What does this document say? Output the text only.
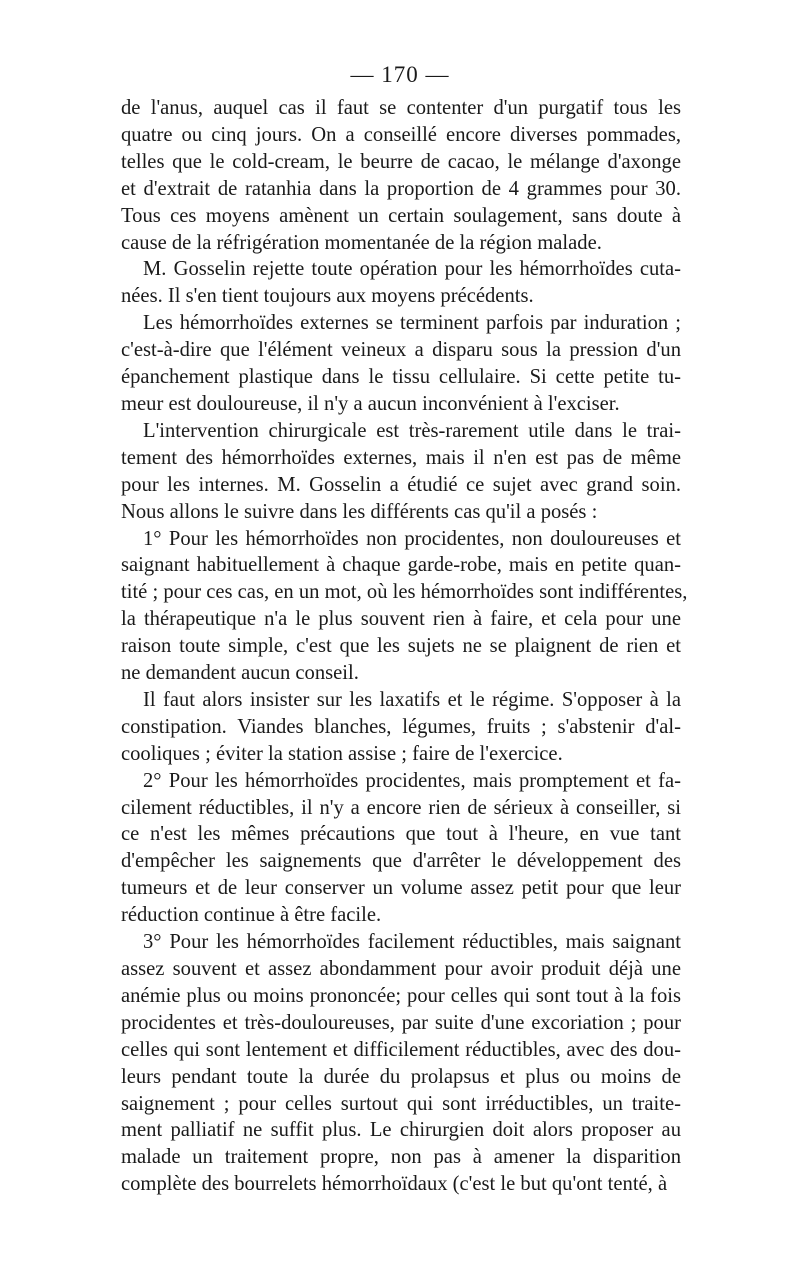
— 170 —

de l'anus, auquel cas il faut se contenter d'un purgatif tous les
quatre ou cinq jours. On a conseillé encore diverses pommades,
telles que le cold-cream, le beurre de cacao, le mélange d'axonge
et d'extrait de ratanhia dans la proportion de 4 grammes pour 30.
Tous ces moyens amènent un certain soulagement, sans doute à
cause de la réfrigération momentanée de la région malade.

M. Gosselin rejette toute opération pour les hémorrhoïdes cuta-
nées. Il s'en tient toujours aux moyens précédents.

Les hémorrhoïdes externes se terminent parfois par induration ;
c'est-à-dire que l'élément veineux a disparu sous la pression d'un
épanchement plastique dans le tissu cellulaire. Si cette petite tu-
meur est douloureuse, il n'y a aucun inconvénient à l'exciser.

L'intervention chirurgicale est très-rarement utile dans le trai-
tement des hémorrhoïdes externes, mais il n'en est pas de même
pour les internes. M. Gosselin a étudié ce sujet avec grand soin.
Nous allons le suivre dans les différents cas qu'il a posés :

1° Pour les hémorrhoïdes non procidentes, non douloureuses et
saignant habituellement à chaque garde-robe, mais en petite quan-
tité ; pour ces cas, en un mot, où les hémorrhoïdes sont indifférentes,
la thérapeutique n'a le plus souvent rien à faire, et cela pour une
raison toute simple, c'est que les sujets ne se plaignent de rien et
ne demandent aucun conseil.

Il faut alors insister sur les laxatifs et le régime. S'opposer à la
constipation. Viandes blanches, légumes, fruits ; s'abstenir d'al-
cooliques ; éviter la station assise ; faire de l'exercice.

2° Pour les hémorrhoïdes procidentes, mais promptement et fa-
cilement réductibles, il n'y a encore rien de sérieux à conseiller, si
ce n'est les mêmes précautions que tout à l'heure, en vue tant
d'empêcher les saignements que d'arrêter le développement des
tumeurs et de leur conserver un volume assez petit pour que leur
réduction continue à être facile.

3° Pour les hémorrhoïdes facilement réductibles, mais saignant
assez souvent et assez abondamment pour avoir produit déjà une
anémie plus ou moins prononcée; pour celles qui sont tout à la fois
procidentes et très-douloureuses, par suite d'une excoriation ; pour
celles qui sont lentement et difficilement réductibles, avec des dou-
leurs pendant toute la durée du prolapsus et plus ou moins de
saignement ; pour celles surtout qui sont irréductibles, un traite-
ment palliatif ne suffit plus. Le chirurgien doit alors proposer au
malade un traitement propre, non pas à amener la disparition
complète des bourrelets hémorrhoïdaux (c'est le but qu'ont tenté, à
